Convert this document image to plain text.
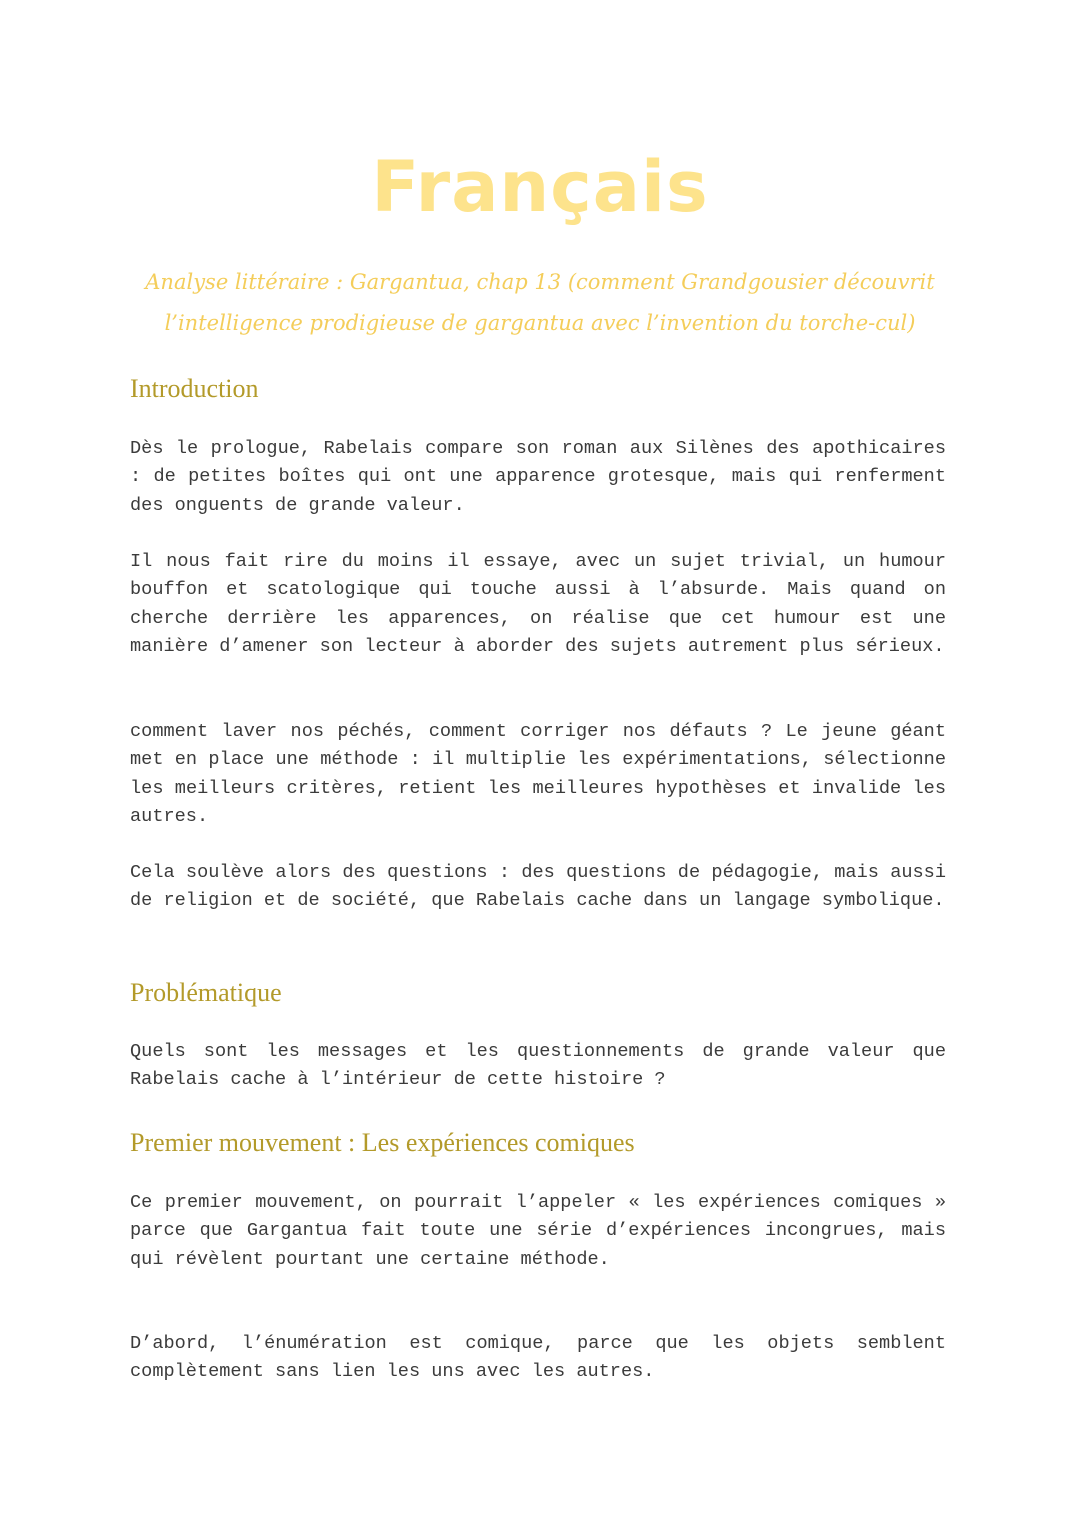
Français
Analyse littéraire : Gargantua, chap 13 (comment Grandgousier découvrit l’intelligence prodigieuse de gargantua avec l’invention du torche-cul)
Introduction

Dès le prologue, Rabelais compare son roman aux Silènes des apothicaires : de petites boîtes qui ont une apparence grotesque, mais qui renferment des onguents de grande valeur.

Il nous fait rire du moins il essaye, avec un sujet trivial, un humour bouffon et scatologique qui touche aussi à l’absurde. Mais quand on cherche derrière les apparences, on réalise que cet humour est une manière d’amener son lecteur à aborder des sujets autrement plus sérieux.

comment laver nos péchés, comment corriger nos défauts ? Le jeune géant met en place une méthode : il multiplie les expérimentations, sélectionne les meilleurs critères, retient les meilleures hypothèses et invalide les autres.

Cela soulève alors des questions : des questions de pédagogie, mais aussi de religion et de société, que Rabelais cache dans un langage symbolique.

Problématique

Quels sont les messages et les questionnements de grande valeur que Rabelais cache à l’intérieur de cette histoire ?

Premier mouvement : Les expériences comiques

Ce premier mouvement, on pourrait l’appeler « les expériences comiques » parce que Gargantua fait toute une série d’expériences incongrues, mais qui révèlent pourtant une certaine méthode.

D’abord, l’énumération est comique, parce que les objets semblent complètement sans lien les uns avec les autres.
